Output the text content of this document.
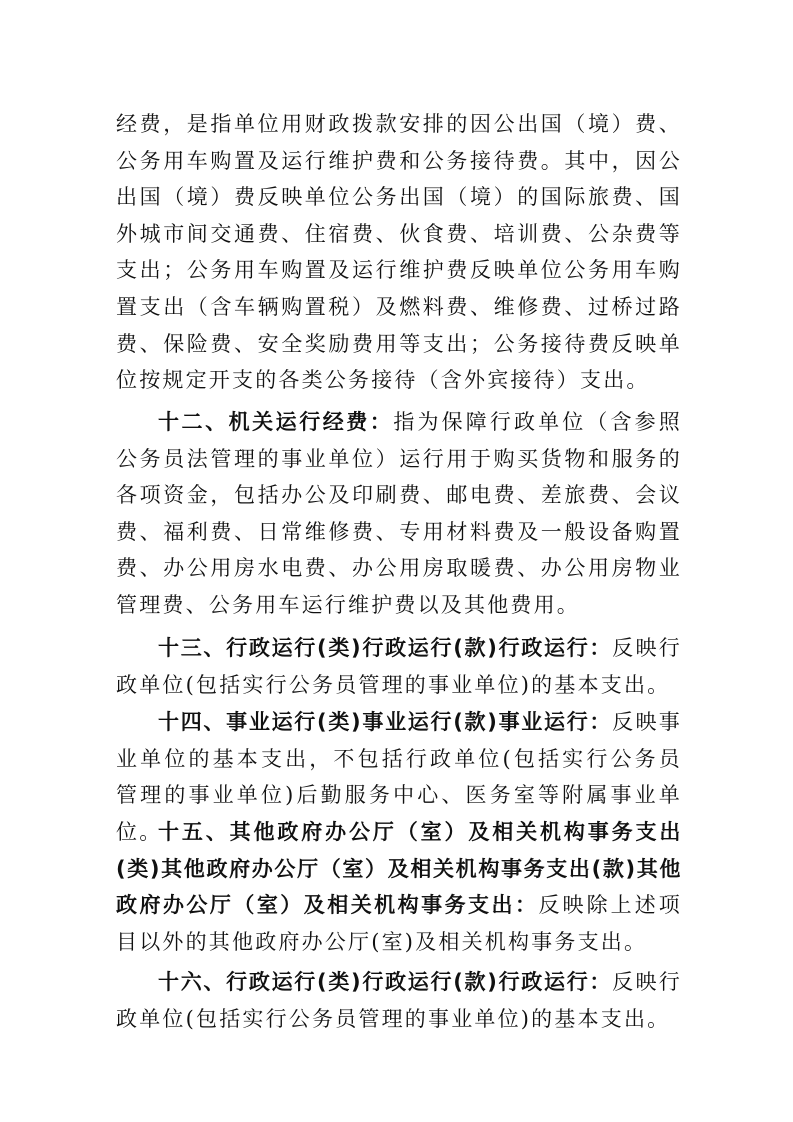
经费，是指单位用财政拨款安排的因公出国（境）费、公务用车购置及运行维护费和公务接待费。其中，因公出国（境）费反映单位公务出国（境）的国际旅费、国外城市间交通费、住宿费、伙食费、培训费、公杂费等支出；公务用车购置及运行维护费反映单位公务用车购置支出（含车辆购置税）及燃料费、维修费、过桥过路费、保险费、安全奖励费用等支出；公务接待费反映单位按规定开支的各类公务接待（含外宾接待）支出。

十二、机关运行经费：指为保障行政单位（含参照公务员法管理的事业单位）运行用于购买货物和服务的各项资金，包括办公及印刷费、邮电费、差旅费、会议费、福利费、日常维修费、专用材料费及一般设备购置费、办公用房水电费、办公用房取暖费、办公用房物业管理费、公务用车运行维护费以及其他费用。

十三、行政运行(类)行政运行(款)行政运行：反映行政单位(包括实行公务员管理的事业单位)的基本支出。

十四、事业运行(类)事业运行(款)事业运行：反映事业单位的基本支出，不包括行政单位(包括实行公务员管理的事业单位)后勤服务中心、医务室等附属事业单位。

十五、其他政府办公厅（室）及相关机构事务支出(类)其他政府办公厅（室）及相关机构事务支出(款)其他政府办公厅（室）及相关机构事务支出：反映除上述项目以外的其他政府办公厅(室)及相关机构事务支出。

十六、行政运行(类)行政运行(款)行政运行：反映行政单位(包括实行公务员管理的事业单位)的基本支出。
